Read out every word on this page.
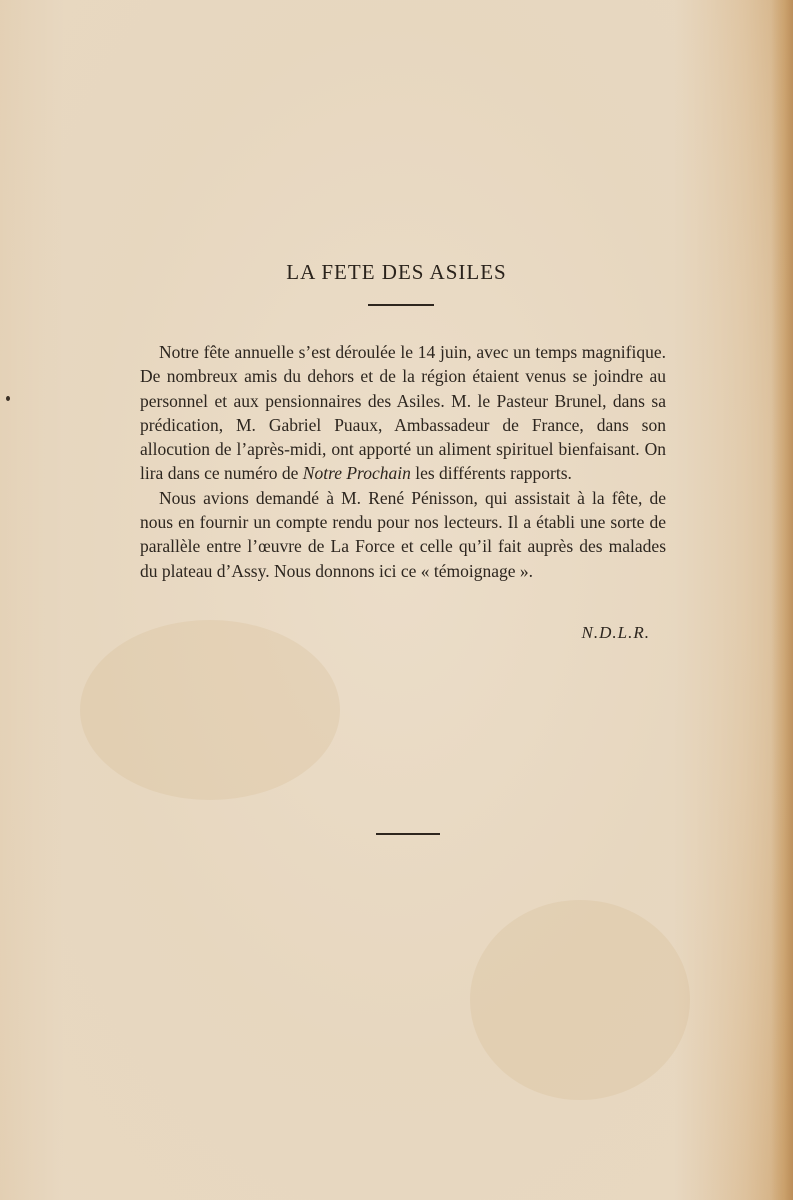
LA FETE DES ASILES

Notre fête annuelle s’est déroulée le 14 juin, avec un temps magnifique. De nombreux amis du dehors et de la région étaient venus se joindre au personnel et aux pensionnaires des Asiles. M. le Pasteur Brunel, dans sa prédication, M. Gabriel Puaux, Ambassadeur de France, dans son allocution de l’après-midi, ont apporté un aliment spirituel bienfaisant. On lira dans ce numéro de Notre Prochain les différents rapports.

Nous avions demandé à M. René Pénisson, qui assistait à la fête, de nous en fournir un compte rendu pour nos lecteurs. Il a établi une sorte de parallèle entre l’œuvre de La Force et celle qu’il fait auprès des malades du plateau d’Assy. Nous donnons ici ce « témoignage ».

N.D.L.R.
